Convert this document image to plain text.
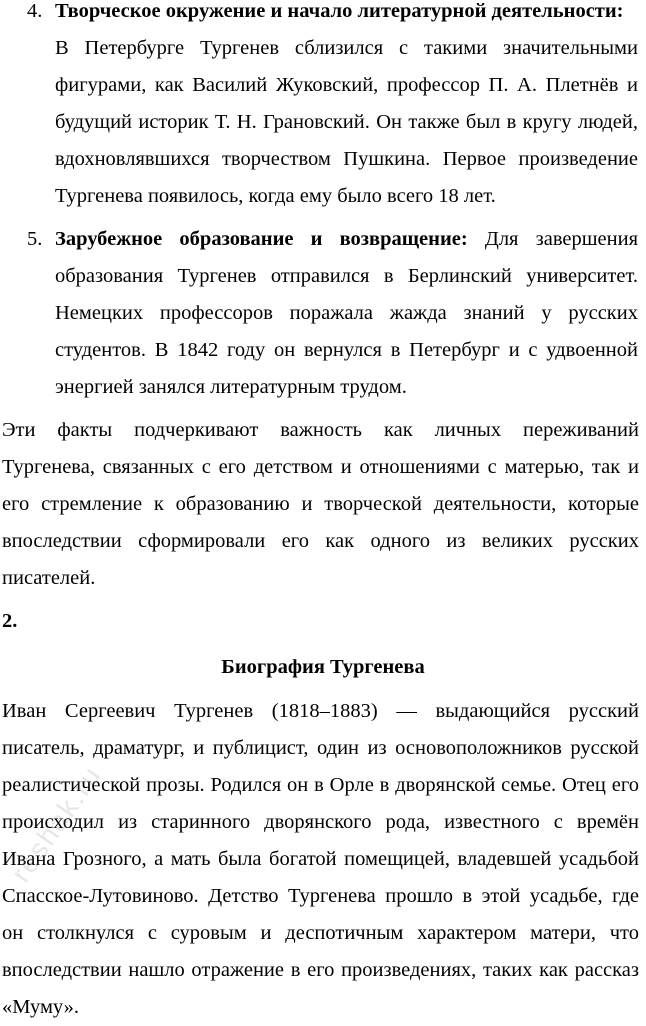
4. Творческое окружение и начало литературной деятельности:
В Петербурге Тургенев сблизился с такими значительными
фигурами, как Василий Жуковский, профессор П. А. Плетнёв и
будущий историк Т. Н. Грановский. Он также был в кругу людей,
вдохновлявшихся творчеством Пушкина. Первое произведение
Тургенева появилось, когда ему было всего 18 лет.
5. Зарубежное образование и возвращение: Для завершения
образования Тургенев отправился в Берлинский университет.
Немецких профессоров поражала жажда знаний у русских
студентов. В 1842 году он вернулся в Петербург и с удвоенной
энергией занялся литературным трудом.
Эти факты подчеркивают важность как личных переживаний
Тургенева, связанных с его детством и отношениями с матерью, так и
его стремление к образованию и творческой деятельности, которые
впоследствии сформировали его как одного из великих русских
писателей.
2.
Биография Тургенева
Иван Сергеевич Тургенев (1818–1883) — выдающийся русский
писатель, драматург, и публицист, один из основоположников русской
реалистической прозы. Родился он в Орле в дворянской семье. Отец его
происходил из старинного дворянского рода, известного с времён
Ивана Грозного, а мать была богатой помещицей, владевшей усадьбой
Спасское-Лутовиново. Детство Тургенева прошло в этой усадьбе, где
он столкнулся с суровым и деспотичным характером матери, что
впоследствии нашло отражение в его произведениях, таких как рассказ
«Муму».
reshak.ru
